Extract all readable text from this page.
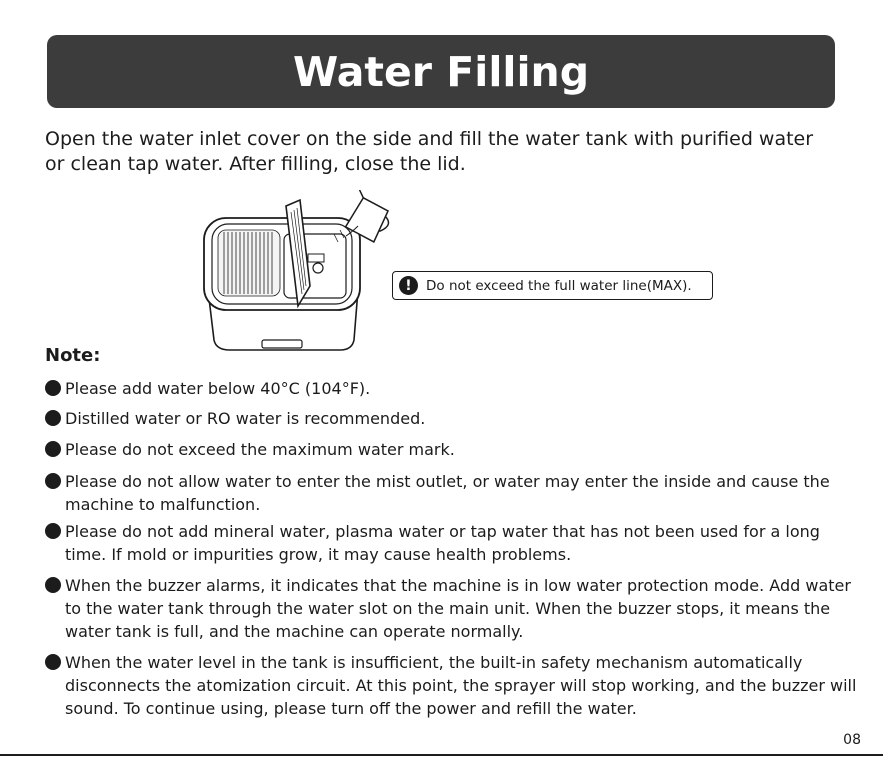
Water Filling
Open the water inlet cover on the side and fill the water tank with purified water or clean tap water. After filling, close the lid.
!	Do not exceed the full water line(MAX).
Note:
Please add water below 40°C (104°F).
Distilled water or RO water is recommended.
Please do not exceed the maximum water mark.
Please do not allow water to enter the mist outlet, or water may enter the inside and cause the machine to malfunction.
Please do not add mineral water, plasma water or tap water that has not been used for a long time. If mold or impurities grow, it may cause health problems.
When the buzzer alarms, it indicates that the machine is in low water protection mode. Add water to the water tank through the water slot on the main unit. When the buzzer stops, it means the water tank is full, and the machine can operate normally.
When the water level in the tank is insufficient, the built-in safety mechanism automatically disconnects the atomization circuit. At this point, the sprayer will stop working, and the buzzer will sound. To continue using, please turn off the power and refill the water.
08
